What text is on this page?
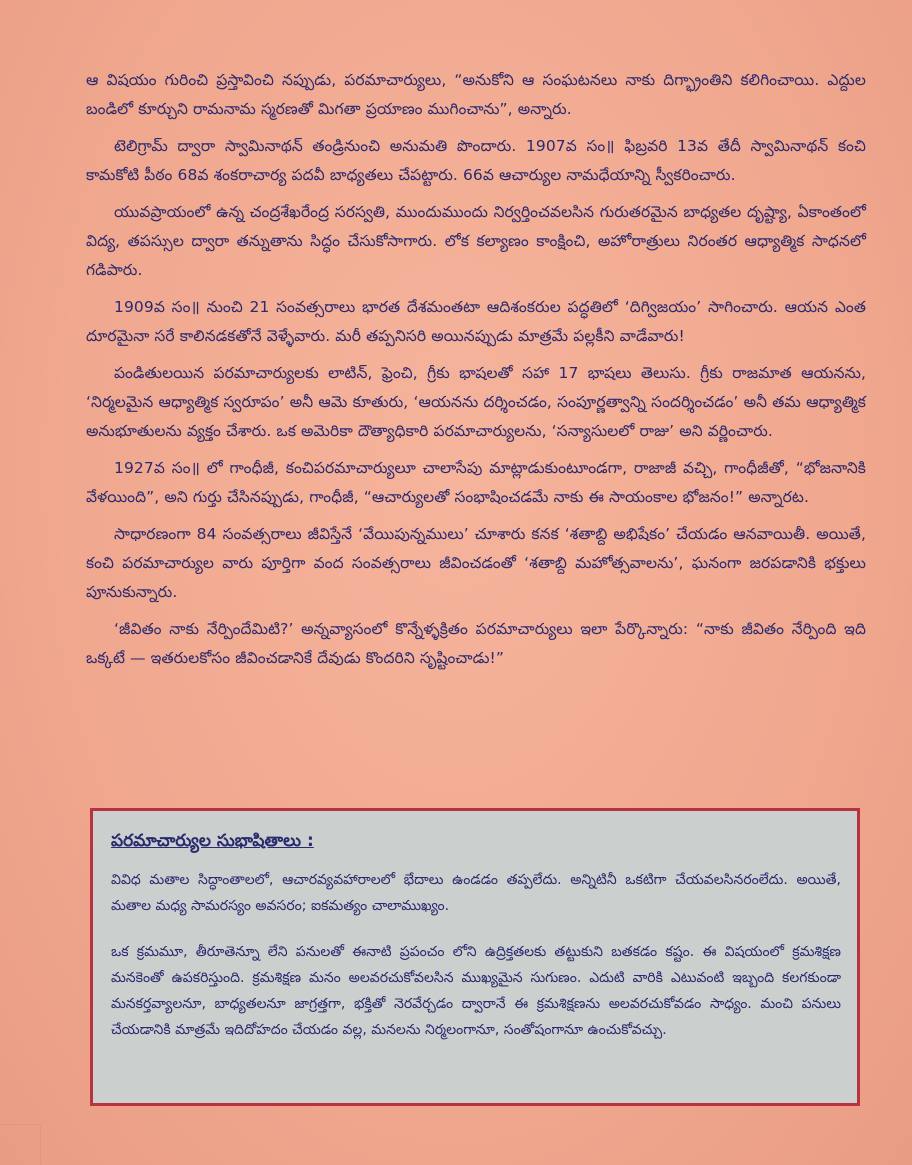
ఆ విషయం గురించి ప్రస్తావించి నప్పుడు, పరమాచార్యులు, “అనుకోని ఆ సంఘటనలు నాకు దిగ్భ్రాంతిని కలిగించాయి. ఎద్దుల బండిలో కూర్చుని రామనామ స్మరణతో మిగతా ప్రయాణం ముగించాను”, అన్నారు.

టెలిగ్రామ్ ద్వారా స్వామినాథన్ తండ్రినుంచి అనుమతి పొందారు. 1907వ సం॥ ఫిబ్రవరి 13వ తేదీ స్వామినాథన్ కంచి కామకోటి పీఠం 68వ శంకరాచార్య పదవీ బాధ్యతలు చేపట్టారు. 66వ ఆచార్యుల నామధేయాన్ని స్వీకరించారు.

యువప్రాయంలో ఉన్న చంద్రశేఖరేంద్ర సరస్వతి, ముందుముందు నిర్వర్తించవలసిన గురుతరమైన బాధ్యతల దృష్ట్యా, ఏకాంతంలో విద్య, తపస్సుల ద్వారా తన్నుతాను సిద్ధం చేసుకోసాగారు. లోక కల్యాణం కాంక్షించి, అహోరాత్రులు నిరంతర ఆధ్యాత్మిక సాధనలో గడిపారు.

1909వ సం॥ నుంచి 21 సంవత్సరాలు భారత దేశమంతటా ఆదిశంకరుల పద్ధతిలో ‘దిగ్విజయం’ సాగించారు. ఆయన ఎంత దూరమైనా సరే కాలినడకతోనే వెళ్ళేవారు. మరీ తప్పనిసరి అయినప్పుడు మాత్రమే పల్లకీని వాడేవారు!

పండితులయిన పరమాచార్యులకు లాటిన్, ఫ్రెంచి, గ్రీకు భాషలతో సహా 17 భాషలు తెలుసు. గ్రీకు రాజమాత ఆయనను, ‘నిర్మలమైన ఆధ్యాత్మిక స్వరూపం’ అనీ ఆమె కూతురు, ‘ఆయనను దర్శించడం, సంపూర్ణత్వాన్ని సందర్శించడం’ అనీ తమ ఆధ్యాత్మిక అనుభూతులను వ్యక్తం చేశారు. ఒక అమెరికా దౌత్యాధికారి పరమాచార్యులను, ‘సన్యాసులలో రాజు’ అని వర్ణించారు.

1927వ సం॥ లో గాంధీజీ, కంచిపరమాచార్యులూ చాలాసేపు మాట్లాడుకుంటూండగా, రాజాజీ వచ్చి, గాంధీజీతో, “భోజనానికి వేళయింది”, అని గుర్తు చేసినప్పుడు, గాంధీజీ, “ఆచార్యులతో సంభాషించడమే నాకు ఈ సాయంకాల భోజనం!” అన్నారట.

సాధారణంగా 84 సంవత్సరాలు జీవిస్తేనే ‘వేయిపున్నములు’ చూశారు కనక ‘శతాబ్ది అభిషేకం’ చేయడం ఆనవాయితీ. అయితే, కంచి పరమాచార్యుల వారు పూర్తిగా వంద సంవత్సరాలు జీవించడంతో ‘శతాబ్ది మహోత్సవాలను’, ఘనంగా జరపడానికి భక్తులు పూనుకున్నారు.

‘జీవితం నాకు నేర్పిందేమిటి?’ అన్నవ్యాసంలో కొన్నేళ్ళక్రితం పరమాచార్యులు ఇలా పేర్కొన్నారు: “నాకు జీవితం నేర్పింది ఇది ఒక్కటే — ఇతరులకోసం జీవించడానికే దేవుడు కొందరిని సృష్టించాడు!”

పరమాచార్యుల సుభాషితాలు :

వివిధ మతాల సిద్ధాంతాలలో, ఆచారవ్యవహారాలలో భేదాలు ఉండడం తప్పలేదు. అన్నిటినీ ఒకటిగా చేయవలసినరంలేదు. అయితే, మతాల మధ్య సామరస్యం అవసరం; ఐకమత్యం చాలాముఖ్యం.

ఒక క్రమమూ, తీరూతెన్నూ లేని పనులతో ఈనాటి ప్రపంచం లోని ఉద్రిక్తతలకు తట్టుకుని బతకడం కష్టం. ఈ విషయంలో క్రమశిక్షణ మనకెంతో ఉపకరిస్తుంది. క్రమశిక్షణ మనం అలవరచుకోవలసిన ముఖ్యమైన సుగుణం. ఎదుటి వారికి ఎటువంటి ఇబ్బంది కలగకుండా మనకర్తవ్యాలనూ, బాధ్యతలనూ జాగ్రత్తగా, భక్తితో నెరవేర్చడం ద్వారానే ఈ క్రమశిక్షణను అలవరచుకోవడం సాధ్యం. మంచి పనులు చేయడానికి మాత్రమే ఇదిదోహదం చేయడం వల్ల, మనలను నిర్మలంగానూ, సంతోషంగానూ ఉంచుకోవచ్చు.
